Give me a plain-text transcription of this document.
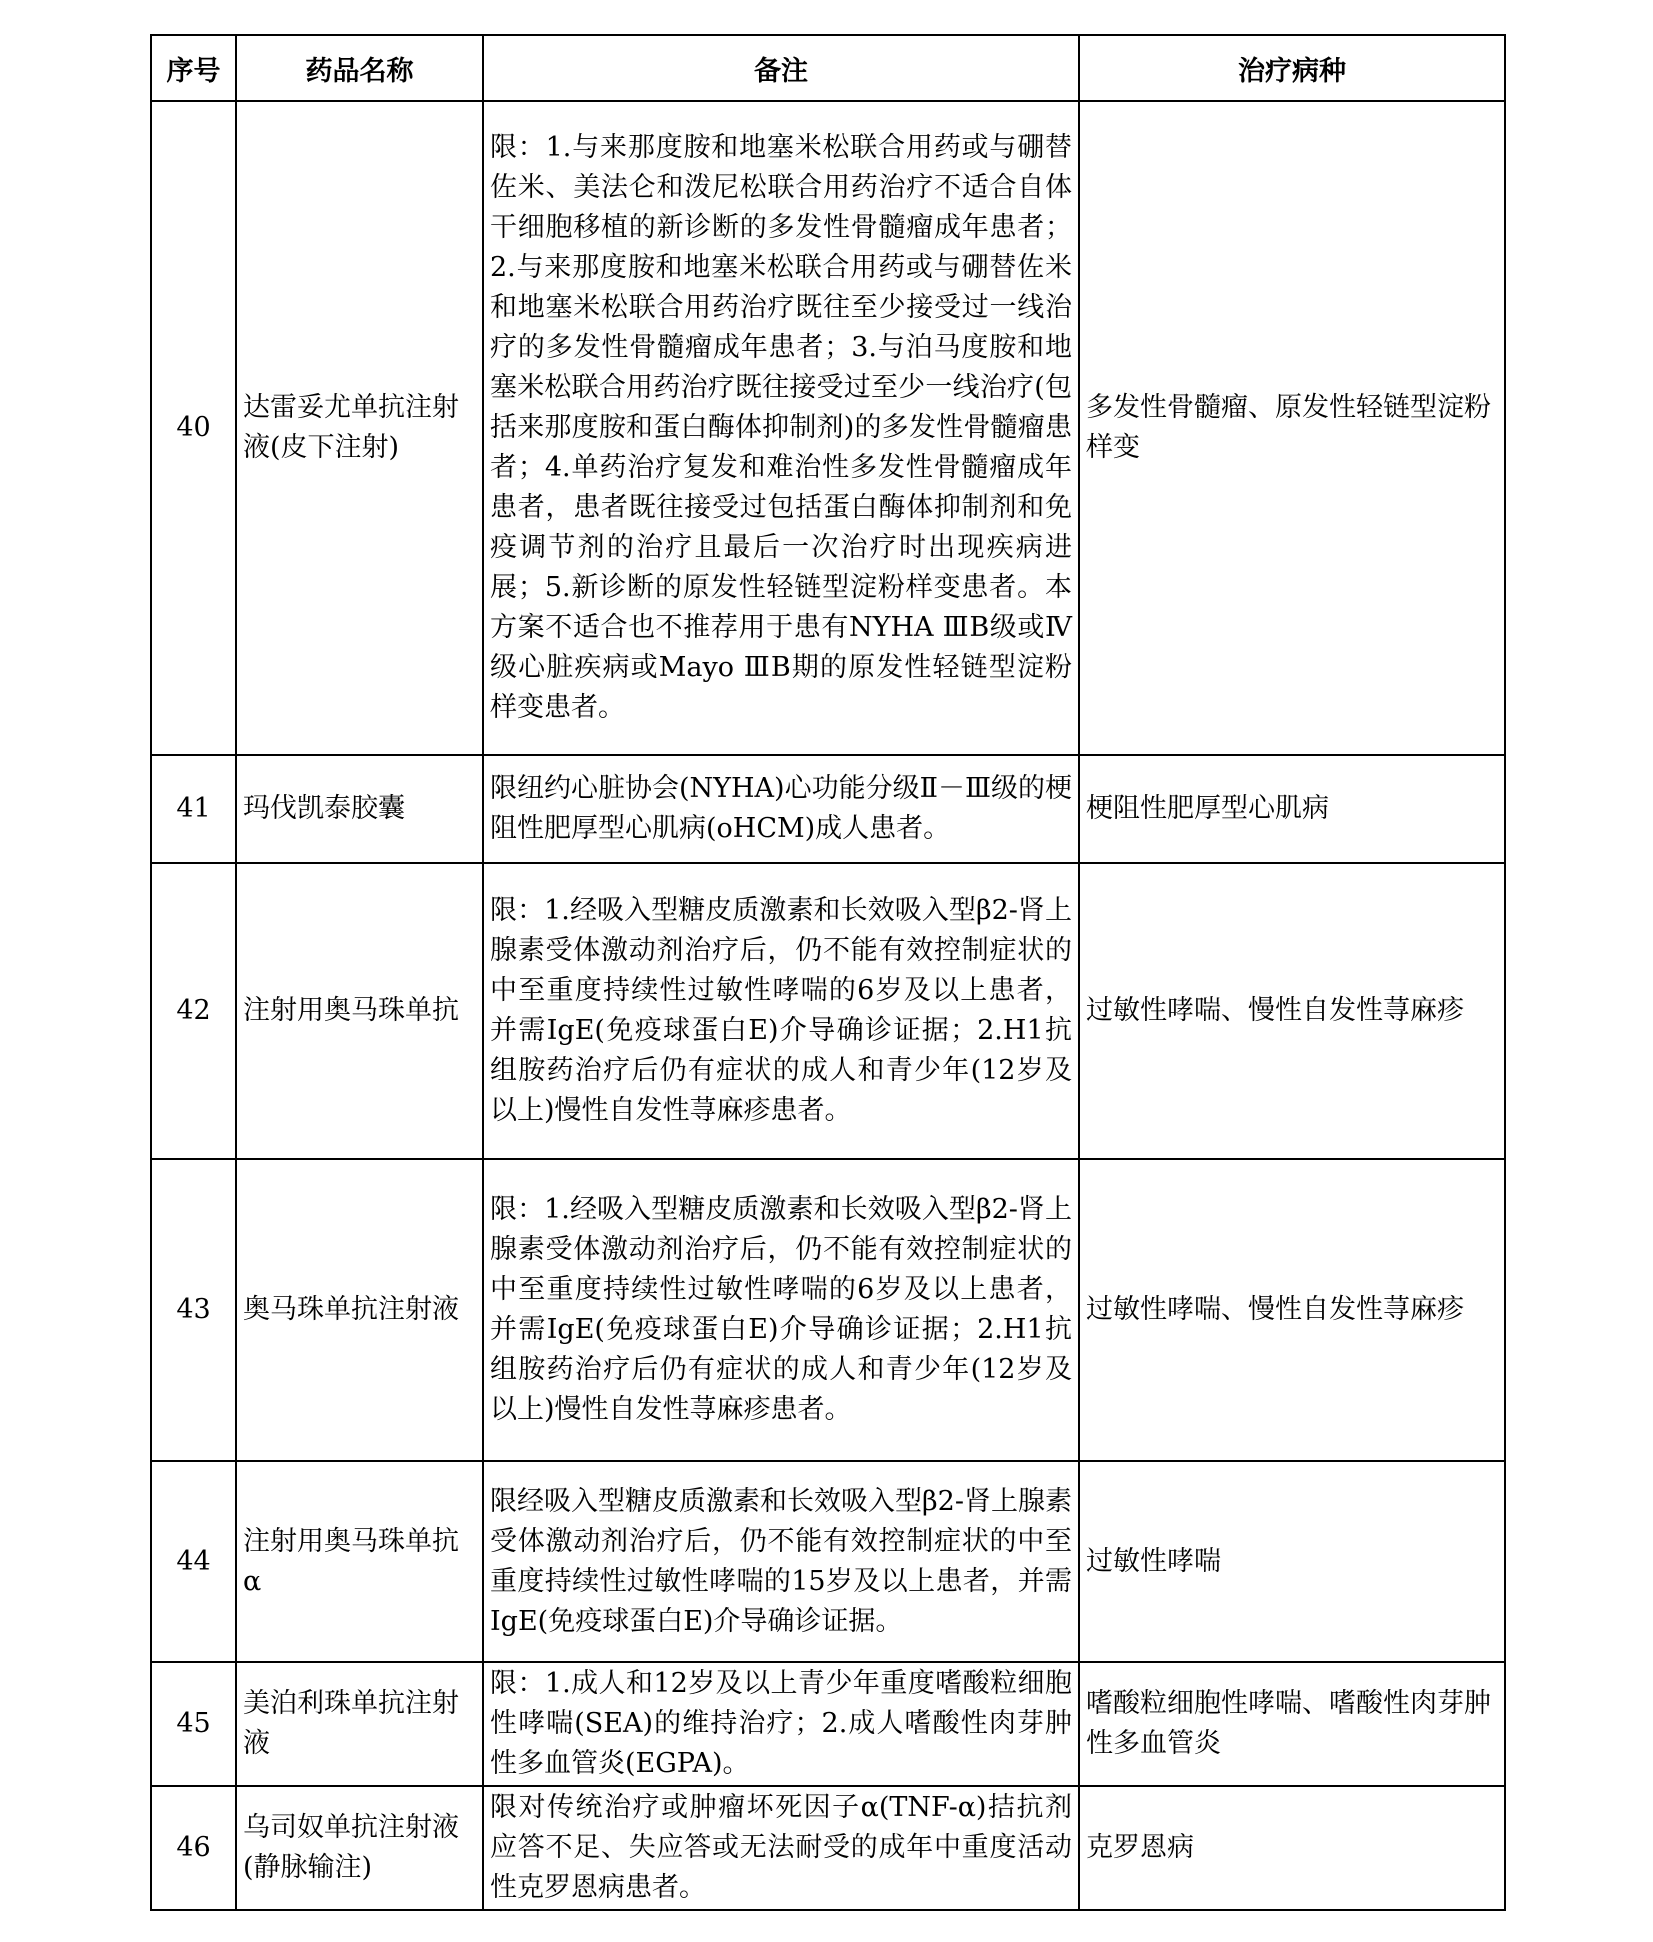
序号	药品名称	备注	治疗病种
40	达雷妥尤单抗注射液(皮下注射)	限：1.与来那度胺和地塞米松联合用药或与硼替佐米、美法仑和泼尼松联合用药治疗不适合自体干细胞移植的新诊断的多发性骨髓瘤成年患者；2.与来那度胺和地塞米松联合用药或与硼替佐米和地塞米松联合用药治疗既往至少接受过一线治疗的多发性骨髓瘤成年患者；3.与泊马度胺和地塞米松联合用药治疗既往接受过至少一线治疗(包括来那度胺和蛋白酶体抑制剂)的多发性骨髓瘤患者；4.单药治疗复发和难治性多发性骨髓瘤成年患者，患者既往接受过包括蛋白酶体抑制剂和免疫调节剂的治疗且最后一次治疗时出现疾病进展；5.新诊断的原发性轻链型淀粉样变患者。本方案不适合也不推荐用于患有NYHA ⅢB级或Ⅳ级心脏疾病或Mayo ⅢB期的原发性轻链型淀粉样变患者。	多发性骨髓瘤、原发性轻链型淀粉样变
41	玛伐凯泰胶囊	限纽约心脏协会(NYHA)心功能分级Ⅱ－Ⅲ级的梗阻性肥厚型心肌病(oHCM)成人患者。	梗阻性肥厚型心肌病
42	注射用奥马珠单抗	限：1.经吸入型糖皮质激素和长效吸入型β2-肾上腺素受体激动剂治疗后，仍不能有效控制症状的中至重度持续性过敏性哮喘的6岁及以上患者，并需IgE(免疫球蛋白E)介导确诊证据；2.H1抗组胺药治疗后仍有症状的成人和青少年(12岁及以上)慢性自发性荨麻疹患者。	过敏性哮喘、慢性自发性荨麻疹
43	奥马珠单抗注射液	限：1.经吸入型糖皮质激素和长效吸入型β2-肾上腺素受体激动剂治疗后，仍不能有效控制症状的中至重度持续性过敏性哮喘的6岁及以上患者，并需IgE(免疫球蛋白E)介导确诊证据；2.H1抗组胺药治疗后仍有症状的成人和青少年(12岁及以上)慢性自发性荨麻疹患者。	过敏性哮喘、慢性自发性荨麻疹
44	注射用奥马珠单抗α	限经吸入型糖皮质激素和长效吸入型β2-肾上腺素受体激动剂治疗后，仍不能有效控制症状的中至重度持续性过敏性哮喘的15岁及以上患者，并需IgE(免疫球蛋白E)介导确诊证据。	过敏性哮喘
45	美泊利珠单抗注射液	限：1.成人和12岁及以上青少年重度嗜酸粒细胞性哮喘(SEA)的维持治疗；2.成人嗜酸性肉芽肿性多血管炎(EGPA)。	嗜酸粒细胞性哮喘、嗜酸性肉芽肿性多血管炎
46	乌司奴单抗注射液(静脉输注)	限对传统治疗或肿瘤坏死因子α(TNF-α)拮抗剂应答不足、失应答或无法耐受的成年中重度活动性克罗恩病患者。	克罗恩病
